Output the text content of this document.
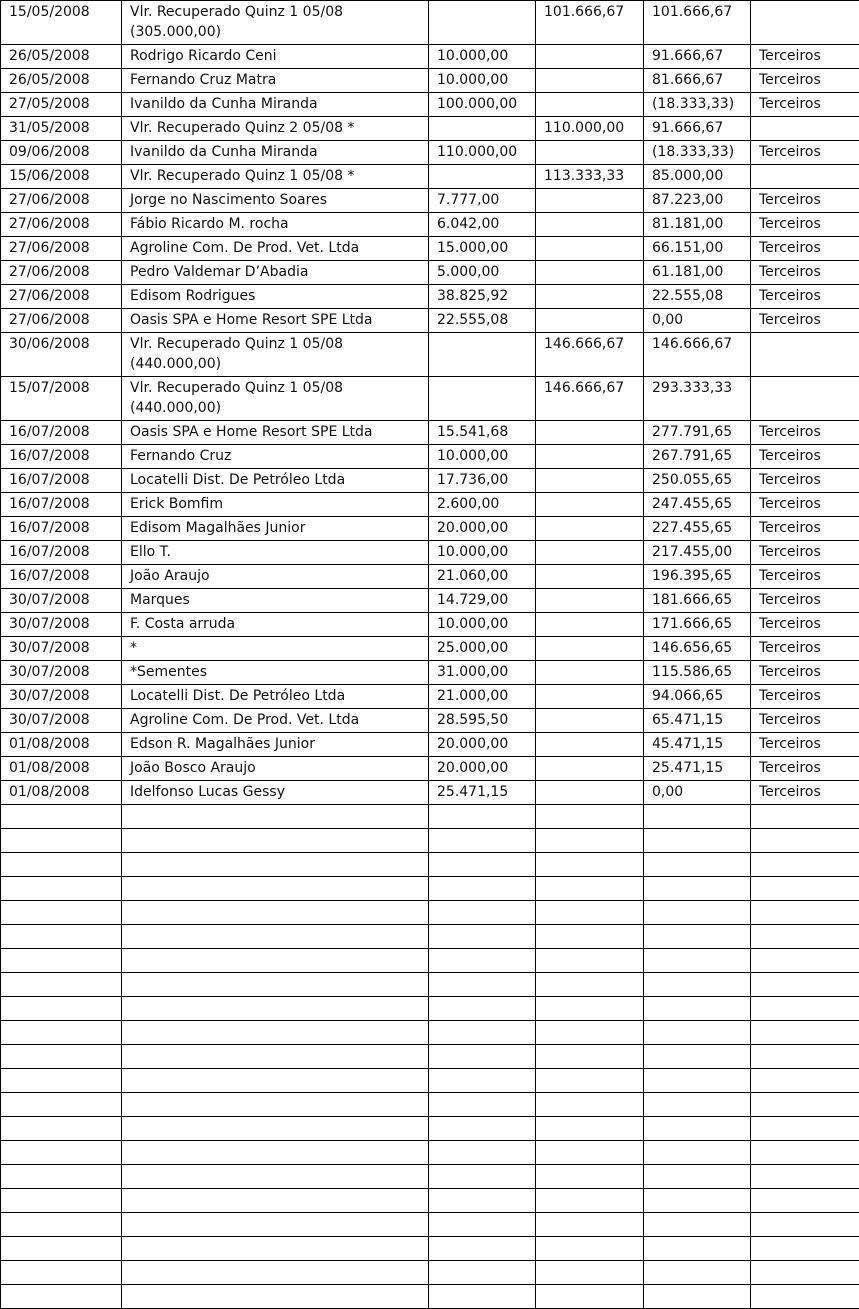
15/05/2008	Vlr. Recuperado Quinz 1 05/08 (305.000,00)		101.666,67	101.666,67	
26/05/2008	Rodrigo Ricardo Ceni	10.000,00		91.666,67	Terceiros
26/05/2008	Fernando Cruz Matra	10.000,00		81.666,67	Terceiros
27/05/2008	Ivanildo da Cunha Miranda	100.000,00		(18.333,33)	Terceiros
31/05/2008	Vlr. Recuperado Quinz 2 05/08 *		110.000,00	91.666,67	
09/06/2008	Ivanildo da Cunha Miranda	110.000,00		(18.333,33)	Terceiros
15/06/2008	Vlr. Recuperado Quinz 1 05/08 *		113.333,33	85.000,00	
27/06/2008	Jorge no Nascimento Soares	7.777,00		87.223,00	Terceiros
27/06/2008	Fábio Ricardo M. rocha	6.042,00		81.181,00	Terceiros
27/06/2008	Agroline Com. De Prod. Vet. Ltda	15.000,00		66.151,00	Terceiros
27/06/2008	Pedro Valdemar D’Abadia	5.000,00		61.181,00	Terceiros
27/06/2008	Edisom Rodrigues	38.825,92		22.555,08	Terceiros
27/06/2008	Oasis SPA e Home Resort SPE Ltda	22.555,08		0,00	Terceiros
30/06/2008	Vlr. Recuperado Quinz 1 05/08 (440.000,00)		146.666,67	146.666,67	
15/07/2008	Vlr. Recuperado Quinz 1 05/08 (440.000,00)		146.666,67	293.333,33	
16/07/2008	Oasis SPA e Home Resort SPE Ltda	15.541,68		277.791,65	Terceiros
16/07/2008	Fernando Cruz	10.000,00		267.791,65	Terceiros
16/07/2008	Locatelli Dist. De Petróleo Ltda	17.736,00		250.055,65	Terceiros
16/07/2008	Erick Bomfim	2.600,00		247.455,65	Terceiros
16/07/2008	Edisom Magalhães Junior	20.000,00		227.455,65	Terceiros
16/07/2008	Ello T.	10.000,00		217.455,00	Terceiros
16/07/2008	João Araujo	21.060,00		196.395,65	Terceiros
30/07/2008	Marques	14.729,00		181.666,65	Terceiros
30/07/2008	F. Costa arruda	10.000,00		171.666,65	Terceiros
30/07/2008	*	25.000,00		146.656,65	Terceiros
30/07/2008	*Sementes	31.000,00		115.586,65	Terceiros
30/07/2008	Locatelli Dist. De Petróleo Ltda	21.000,00		94.066,65	Terceiros
30/07/2008	Agroline Com. De Prod. Vet. Ltda	28.595,50		65.471,15	Terceiros
01/08/2008	Edson R. Magalhães Junior	20.000,00		45.471,15	Terceiros
01/08/2008	João Bosco Araujo	20.000,00		25.471,15	Terceiros
01/08/2008	Idelfonso Lucas Gessy	25.471,15		0,00	Terceiros
